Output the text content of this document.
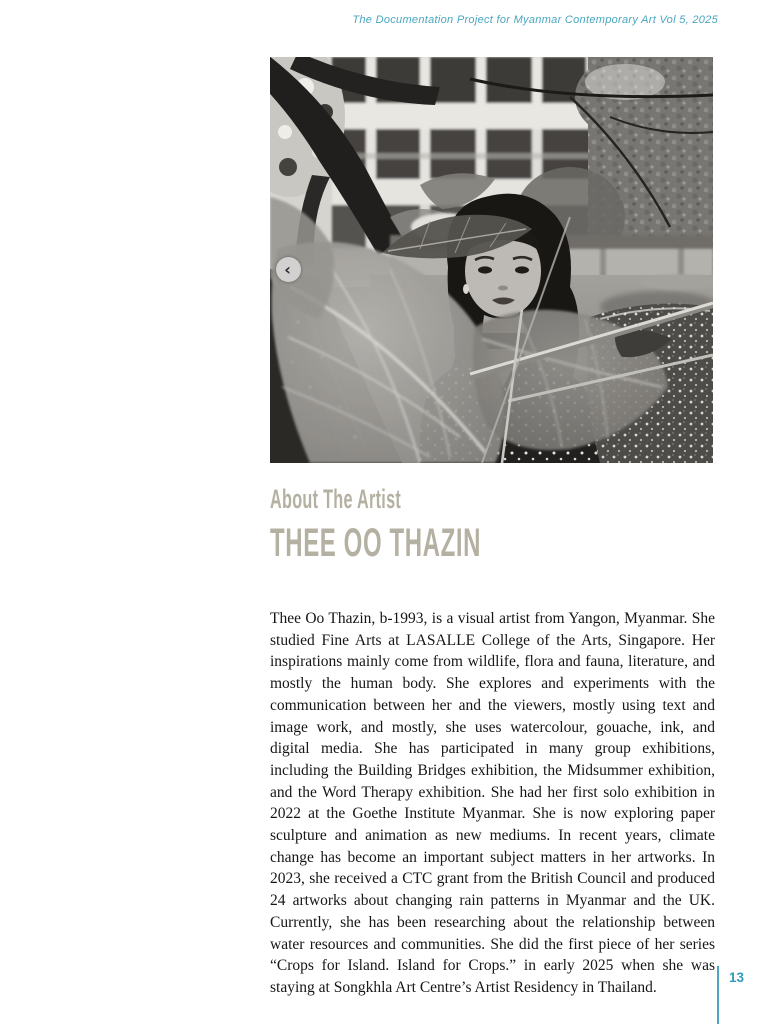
The Documentation Project for Myanmar Contemporary Art Vol 5, 2025
‹
About The Artist
THEE OO THAZIN

Thee Oo Thazin, b-1993, is a visual artist from Yangon, Myanmar. She studied Fine Arts at LASALLE College of the Arts, Singapore. Her inspirations mainly come from wildlife, flora and fauna, literature, and mostly the human body. She explores and experiments with the communication between her and the viewers, mostly using text and image work, and mostly, she uses watercolour, gouache, ink, and digital media. She has participated in many group exhibitions, including the Building Bridges exhibition, the Midsummer exhibition, and the Word Therapy exhibition. She had her first solo exhibition in 2022 at the Goethe Institute Myanmar. She is now exploring paper sculpture and animation as new mediums. In recent years, climate change has become an important subject matters in her artworks. In 2023, she received a CTC grant from the British Council and produced 24 artworks about changing rain patterns in Myanmar and the UK. Currently, she has been researching about the relationship between water resources and communities. She did the first piece of her series “Crops for Island. Island for Crops.” in early 2025 when she was staying at Songkhla Art Centre’s Artist Residency in Thailand.

13
